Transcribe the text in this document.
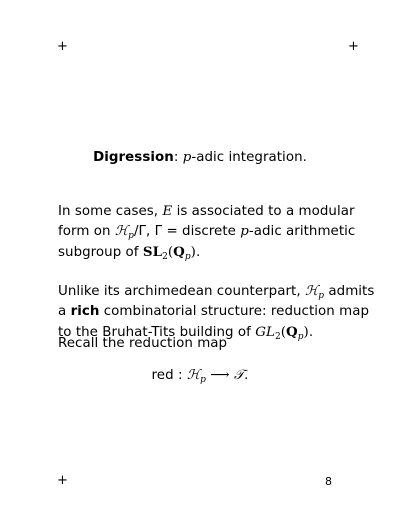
+	+
+	8
Digression: p-adic integration.
In some cases, E is associated to a modular
form on ℋ$_p$/Γ, Γ = discrete p-adic arithmetic
subgroup of $SL_2(Q_p)$.
Unlike its archimedean counterpart, ℋ$_p$ admits
a rich combinatorial structure: reduction map
to the Bruhat-Tits building of $GL_2(Q_p)$.
Recall the reduction map
red : ℋ$_p$ ⟶ 𝒯.
